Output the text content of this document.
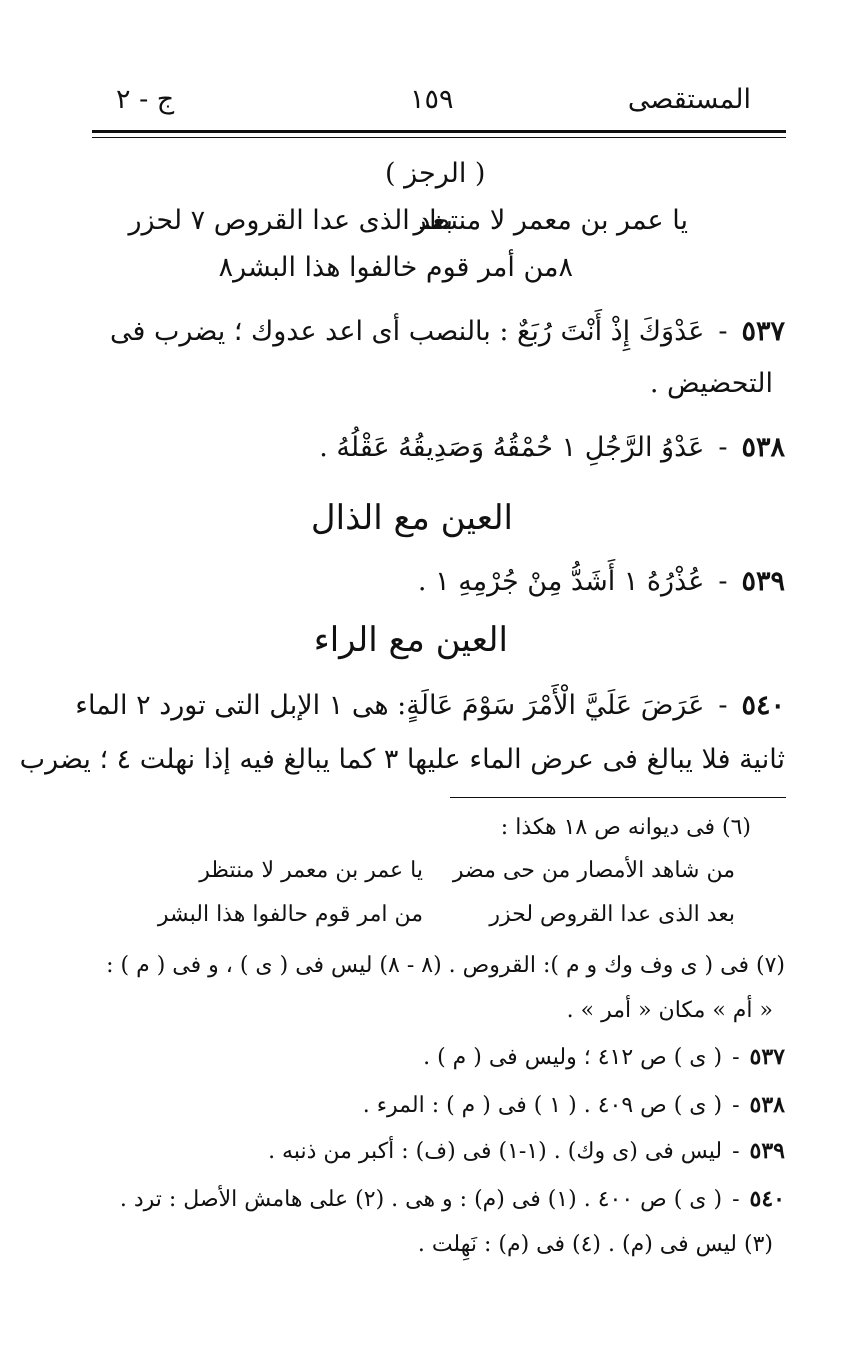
المستقصى
١٥٩
ج - ٢
( الرجز )
يا عمر بن معمر لا منتظر
بعد الذى عدا القروص ٧ لحزر
٨من أمر قوم خالفوا هذا البشر٨
٥٣٧
-
عَدْوَكَ إِذْ أَنْتَ رُبَعٌ : بالنصب أى اعد عدوك ؛ يضرب فى
التحضيض .
٥٣٨
-
عَدْوُ الرَّجُلِ ١ حُمْقُهُ وَصَدِيقُهُ عَقْلُهُ .
العين مع الذال
٥٣٩
-
عُذْرُهُ ١ أَشَدُّ مِنْ جُرْمِهِ ١ .
العين مع الراء
٥٤٠
-
عَرَضَ عَلَيَّ الْأَمْرَ سَوْمَ عَالَةٍ: هى ١ الإبل التى تورد ٢ الماء
ثانية فلا يبالغ فى عرض الماء عليها ٣ كما يبالغ فيه إذا نهلت ٤ ؛ يضرب
(٦) فى ديوانه ص ١٨ هكذا :
من شاهد الأمصار من حى مضر
يا عمر بن معمر لا منتظر
بعد الذى عدا القروص لحزر
من امر قوم حالفوا هذا البشر
(٧) فى ( ى وف وك و م ): القروص . (٨ - ٨) ليس فى ( ى ) ، و فى ( م ) :
« أم » مكان « أمر » .
٥٣٧
-
( ى ) ص ٤١٢ ؛ وليس فى ( م ) .
٥٣٨
-
( ى ) ص ٤٠٩ . ( ١ ) فى ( م ) : المرء .
٥٣٩
-
ليس فى (ى وك) . (١-١) فى (ف) : أكبر من ذنبه .
٥٤٠
-
( ى ) ص ٤٠٠ . (١) فى (م) : و هى . (٢) على هامش الأصل : ترد .
(٣) ليس فى (م) . (٤) فى (م) : نَهِلت .
